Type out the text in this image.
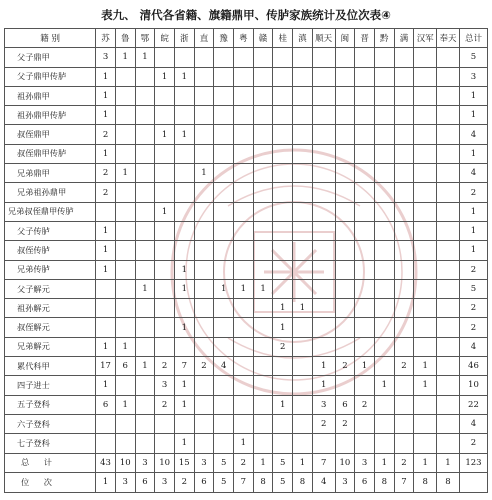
表九、 清代各省籍、旗籍鼎甲、传胪家族统计及位次表④
籍 别	苏	鲁	鄂	皖	浙	直	豫	粤	赣	桂	滇	顺天	闽	晋	黔	满	汉军	奉天	总计
父子鼎甲	3	1	1																5
父子鼎甲传胪	1			1	1														3
祖孙鼎甲	1																		1
祖孙鼎甲传胪	1																		1
叔侄鼎甲	2			1	1														4
叔侄鼎甲传胪	1																		1
兄弟鼎甲	2	1				1													4
兄弟祖孙鼎甲	2																		2
兄弟叔侄鼎甲传胪				1															1
父子传胪	1																		1
叔侄传胪	1																		1
兄弟传胪	1				1														2
父子解元			1		1		1	1	1										5
祖孙解元										1	1								2
叔侄解元					1					1									2
兄弟解元	1	1								2									4
累代科甲	17	6	1	2	7	2	4					1	2	1		2	1		46
四子进士	1			3	1							1			1		1		10
五子登科	6	1		2	1					1		3	6	2					22
六子登科												2	2						4
七子登科					1			1											2
总 计	43	10	3	10	15	3	5	2	1	5	1	7	10	3	1	2	1	1	123
位 次	1	3	6	3	2	6	5	7	8	5	8	4	3	6	8	7	8	8	
